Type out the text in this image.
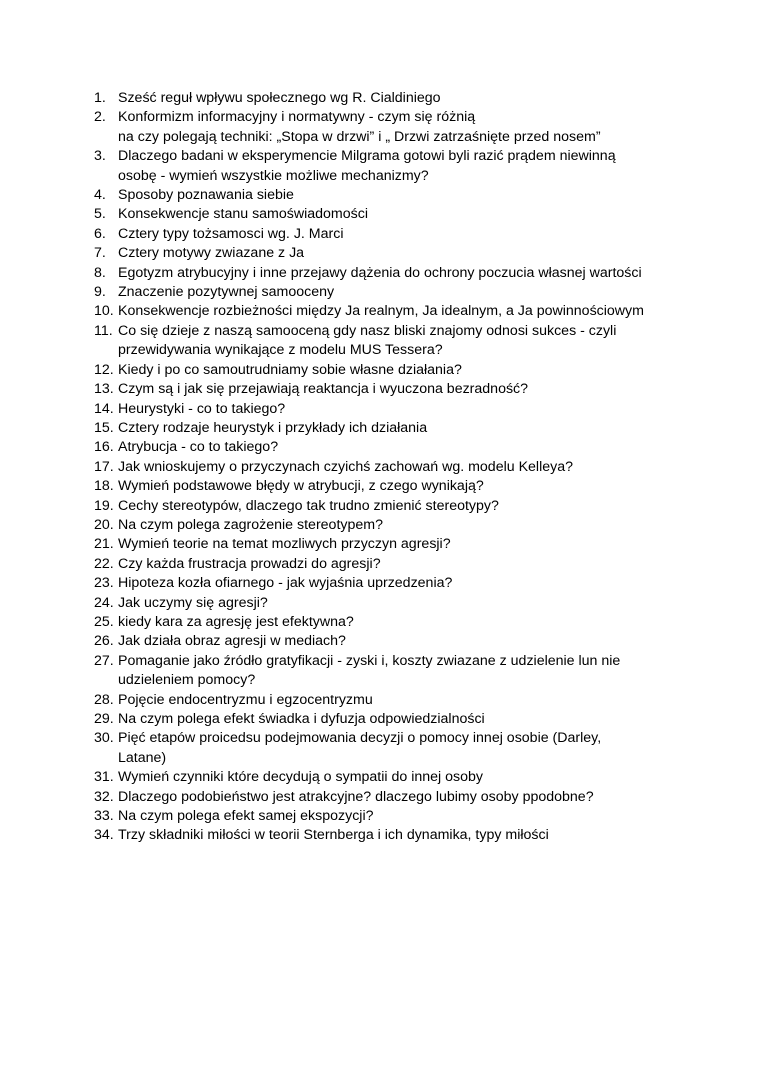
1. Sześć reguł wpływu społecznego wg R. Cialdiniego
2. Konformizm informacyjny i normatywny - czym się różnią
na czy polegają techniki: „Stopa w drzwi” i „ Drzwi zatrzaśnięte przed nosem”
3. Dlaczego badani w eksperymencie Milgrama gotowi byli razić prądem niewinną
osobę - wymień wszystkie możliwe mechanizmy?
4. Sposoby poznawania siebie
5. Konsekwencje stanu samoświadomości
6. Cztery typy tożsamosci wg. J. Marci
7. Cztery motywy zwiazane z Ja
8. Egotyzm atrybucyjny i inne przejawy dążenia do ochrony poczucia własnej wartości
9. Znaczenie pozytywnej samooceny
10. Konsekwencje rozbieżności między Ja realnym, Ja idealnym, a Ja powinnościowym
11. Co się dzieje z naszą samooceną gdy nasz bliski znajomy odnosi sukces - czyli
przewidywania wynikające z modelu MUS Tessera?
12. Kiedy i po co samoutrudniamy sobie własne działania?
13. Czym są i jak się przejawiają reaktancja i wyuczona bezradność?
14. Heurystyki - co to takiego?
15. Cztery rodzaje heurystyk i przykłady ich działania
16. Atrybucja - co to takiego?
17. Jak wnioskujemy o przyczynach czyichś zachowań wg. modelu Kelleya?
18. Wymień podstawowe błędy w atrybucji, z czego wynikają?
19. Cechy stereotypów, dlaczego tak trudno zmienić stereotypy?
20. Na czym polega zagrożenie stereotypem?
21. Wymień teorie na temat mozliwych przyczyn agresji?
22. Czy każda frustracja prowadzi do agresji?
23. Hipoteza kozła ofiarnego - jak wyjaśnia uprzedzenia?
24. Jak uczymy się agresji?
25. kiedy kara za agresję jest efektywna?
26. Jak działa obraz agresji w mediach?
27. Pomaganie jako źródło gratyfikacji - zyski i, koszty zwiazane z udzielenie lun nie
udzieleniem pomocy?
28. Pojęcie endocentryzmu i egzocentryzmu
29. Na czym polega efekt świadka i dyfuzja odpowiedzialności
30. Pięć etapów proicedsu podejmowania decyzji o pomocy innej osobie (Darley,
Latane)
31. Wymień czynniki które decydują o sympatii do innej osoby
32. Dlaczego podobieństwo jest atrakcyjne? dlaczego lubimy osoby ppodobne?
33. Na czym polega efekt samej ekspozycji?
34. Trzy składniki miłości w teorii Sternberga i ich dynamika, typy miłości
